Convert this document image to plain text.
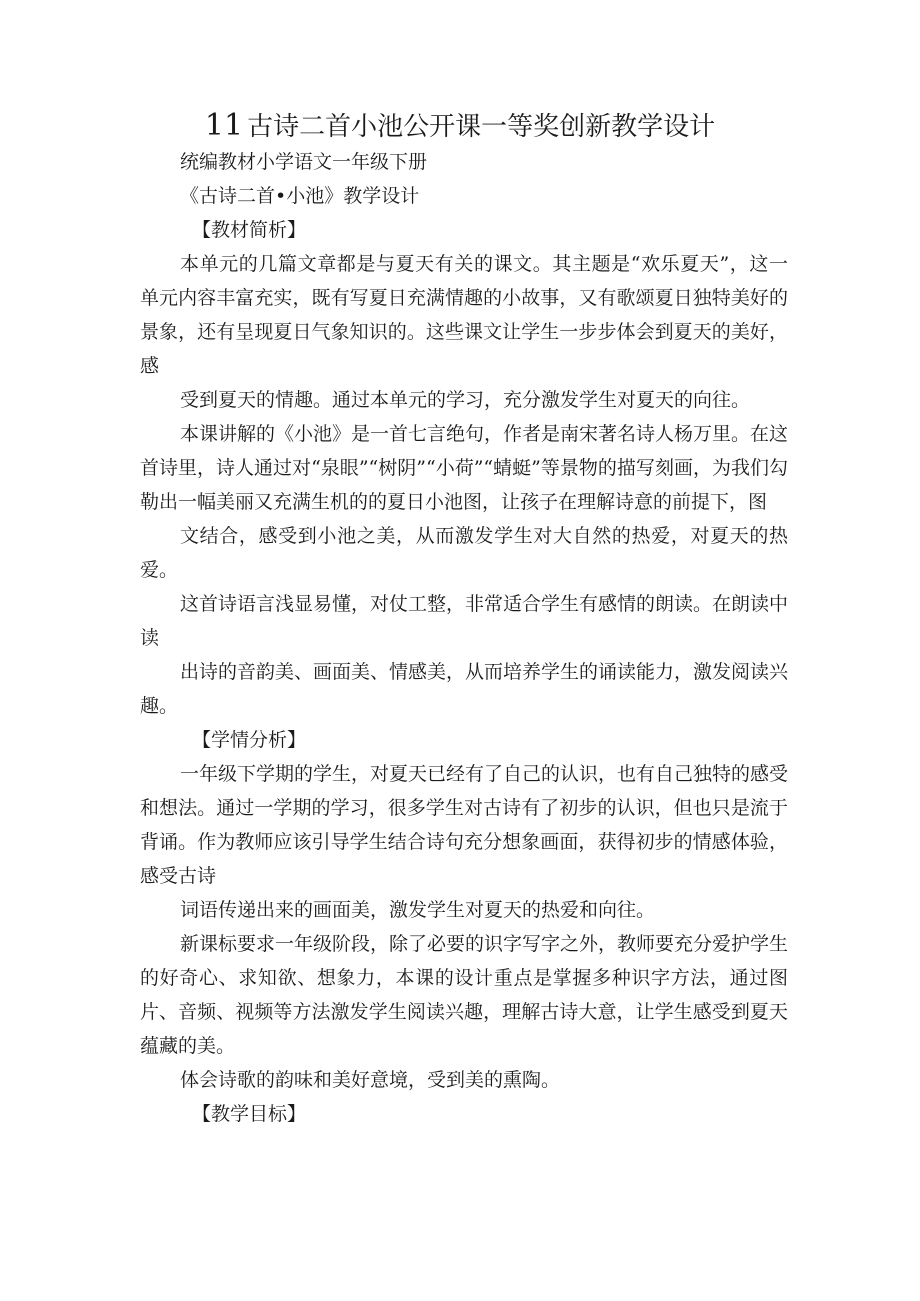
11 古诗二首小池公开课一等奖创新教学设计

统编教材小学语文一年级下册

《古诗二首•小池》教学设计

【教材简析】

本单元的几篇文章都是与夏天有关的课文。其主题是“欢乐夏天”，这一单元内容丰富充实，既有写夏日充满情趣的小故事，又有歌颂夏日独特美好的景象，还有呈现夏日气象知识的。这些课文让学生一步步体会到夏天的美好，感

受到夏天的情趣。通过本单元的学习，充分激发学生对夏天的向往。

本课讲解的《小池》是一首七言绝句，作者是南宋著名诗人杨万里。在这首诗里，诗人通过对“泉眼”“树阴”“小荷”“蜻蜓”等景物的描写刻画，为我们勾勒出一幅美丽又充满生机的的夏日小池图，让孩子在理解诗意的前提下，图

文结合，感受到小池之美，从而激发学生对大自然的热爱，对夏天的热爱。

这首诗语言浅显易懂，对仗工整，非常适合学生有感情的朗读。在朗读中读

出诗的音韵美、画面美、情感美，从而培养学生的诵读能力，激发阅读兴趣。

【学情分析】

一年级下学期的学生，对夏天已经有了自己的认识，也有自己独特的感受和想法。通过一学期的学习，很多学生对古诗有了初步的认识，但也只是流于背诵。作为教师应该引导学生结合诗句充分想象画面，获得初步的情感体验，感受古诗

词语传递出来的画面美，激发学生对夏天的热爱和向往。

新课标要求一年级阶段，除了必要的识字写字之外，教师要充分爱护学生的好奇心、求知欲、想象力，本课的设计重点是掌握多种识字方法，通过图片、音频、视频等方法激发学生阅读兴趣，理解古诗大意，让学生感受到夏天蕴藏的美。

体会诗歌的韵味和美好意境，受到美的熏陶。

【教学目标】
